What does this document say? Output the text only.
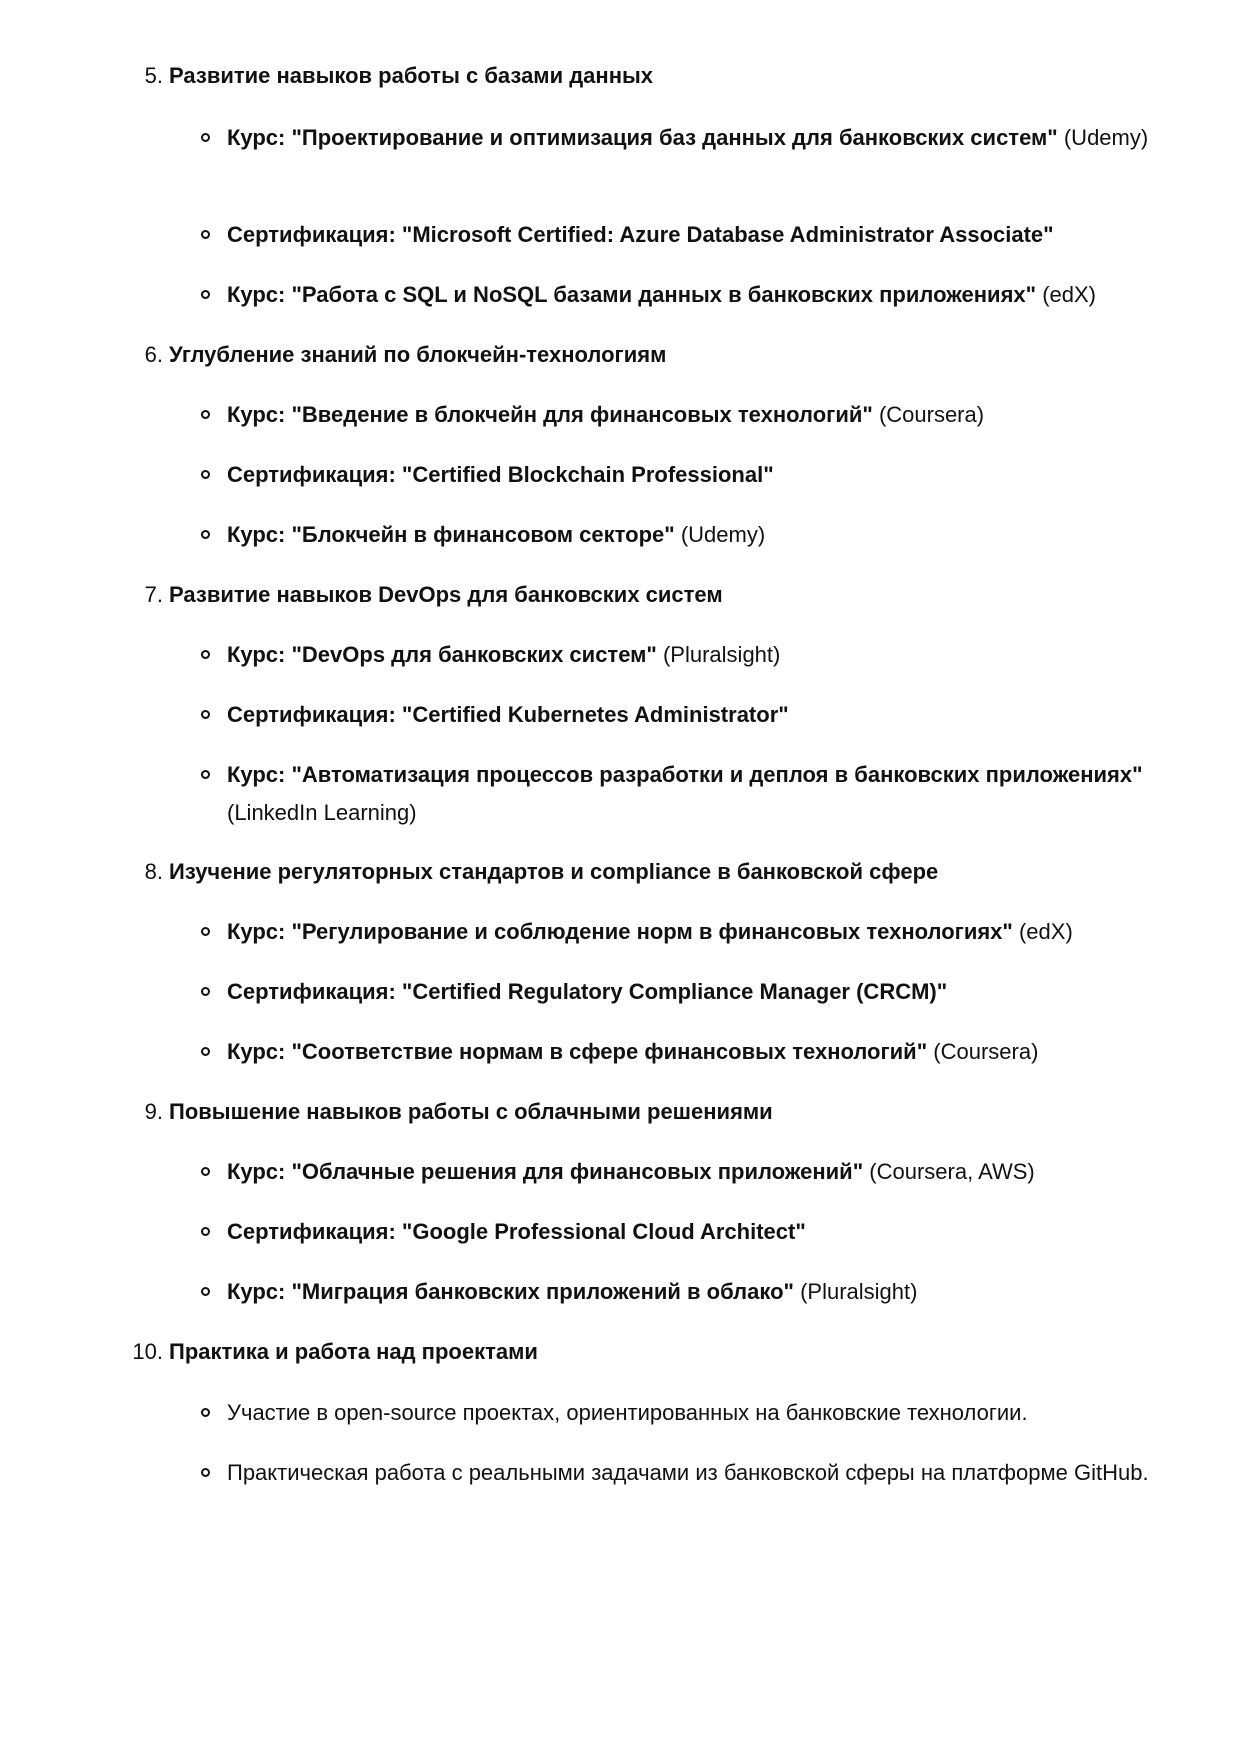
5. Развитие навыков работы с базами данных
Курс: "Проектирование и оптимизация баз данных для банковских систем" (Udemy)
Сертификация: "Microsoft Certified: Azure Database Administrator Associate"
Курс: "Работа с SQL и NoSQL базами данных в банковских приложениях" (edX)
6. Углубление знаний по блокчейн-технологиям
Курс: "Введение в блокчейн для финансовых технологий" (Coursera)
Сертификация: "Certified Blockchain Professional"
Курс: "Блокчейн в финансовом секторе" (Udemy)
7. Развитие навыков DevOps для банковских систем
Курс: "DevOps для банковских систем" (Pluralsight)
Сертификация: "Certified Kubernetes Administrator"
Курс: "Автоматизация процессов разработки и деплоя в банковских приложениях" (LinkedIn Learning)
8. Изучение регуляторных стандартов и compliance в банковской сфере
Курс: "Регулирование и соблюдение норм в финансовых технологиях" (edX)
Сертификация: "Certified Regulatory Compliance Manager (CRCM)"
Курс: "Соответствие нормам в сфере финансовых технологий" (Coursera)
9. Повышение навыков работы с облачными решениями
Курс: "Облачные решения для финансовых приложений" (Coursera, AWS)
Сертификация: "Google Professional Cloud Architect"
Курс: "Миграция банковских приложений в облако" (Pluralsight)
10. Практика и работа над проектами
Участие в open-source проектах, ориентированных на банковские технологии.
Практическая работа с реальными задачами из банковской сферы на платформе GitHub.
